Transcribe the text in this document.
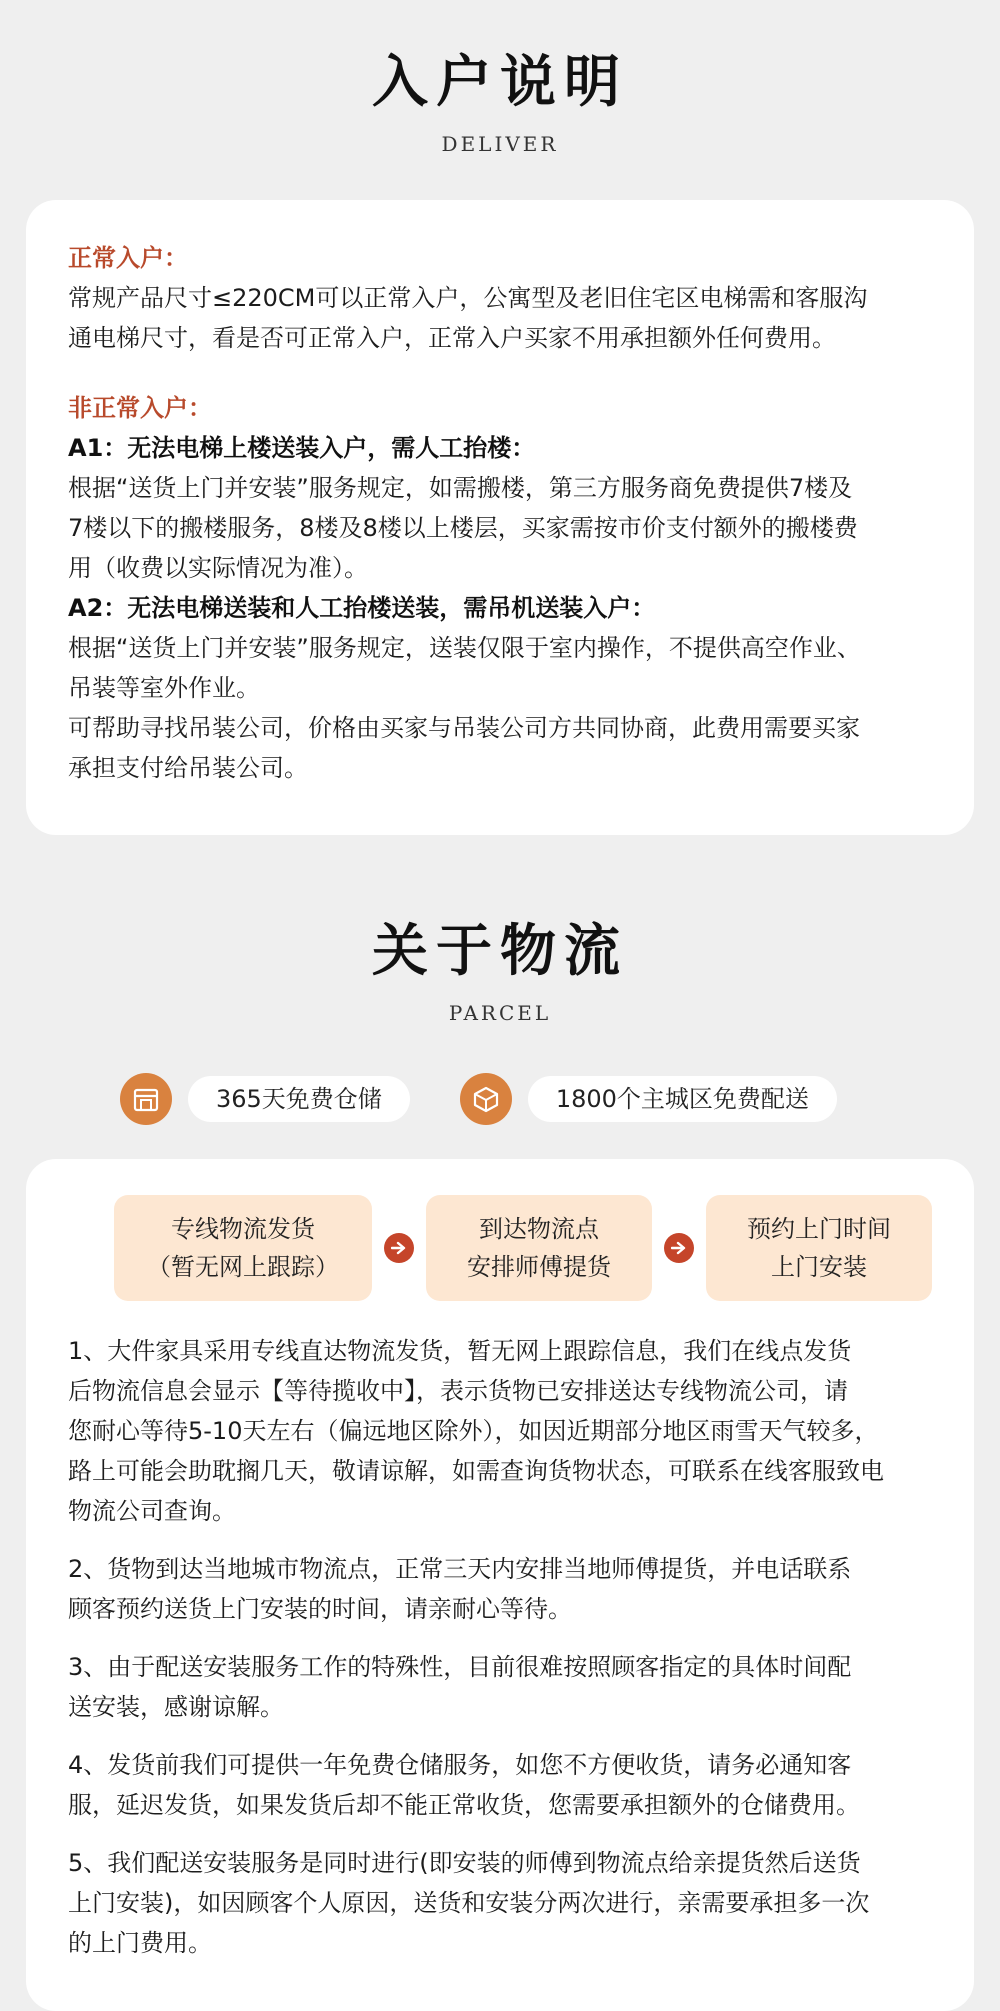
入户说明
DELIVER
正常入户：
常规产品尺寸≤220CM可以正常入户，公寓型及老旧住宅区电梯需和客服沟
通电梯尺寸，看是否可正常入户，正常入户买家不用承担额外任何费用。
非正常入户：
A1：无法电梯上楼送装入户，需人工抬楼：
根据“送货上门并安装”服务规定，如需搬楼，第三方服务商免费提供7楼及
7楼以下的搬楼服务，8楼及8楼以上楼层，买家需按市价支付额外的搬楼费
用（收费以实际情况为准）。
A2：无法电梯送装和人工抬楼送装，需吊机送装入户：
根据“送货上门并安装”服务规定，送装仅限于室内操作，不提供高空作业、
吊装等室外作业。
可帮助寻找吊装公司，价格由买家与吊装公司方共同协商，此费用需要买家
承担支付给吊装公司。
关于物流
PARCEL
365天免费仓储	1800个主城区免费配送
专线物流发货
（暂无网上跟踪）
到达物流点
安排师傅提货
预约上门时间
上门安装
1、大件家具采用专线直达物流发货，暂无网上跟踪信息，我们在线点发货
后物流信息会显示【等待揽收中】，表示货物已安排送达专线物流公司，请
您耐心等待5-10天左右（偏远地区除外），如因近期部分地区雨雪天气较多，
路上可能会助耽搁几天，敬请谅解，如需查询货物状态，可联系在线客服致电
物流公司查询。
2、货物到达当地城市物流点，正常三天内安排当地师傅提货，并电话联系
顾客预约送货上门安装的时间，请亲耐心等待。
3、由于配送安装服务工作的特殊性，目前很难按照顾客指定的具体时间配
送安装，感谢谅解。
4、发货前我们可提供一年免费仓储服务，如您不方便收货，请务必通知客
服，延迟发货，如果发货后却不能正常收货，您需要承担额外的仓储费用。
5、我们配送安装服务是同时进行(即安装的师傅到物流点给亲提货然后送货
上门安装)，如因顾客个人原因，送货和安装分两次进行，亲需要承担多一次
的上门费用。
